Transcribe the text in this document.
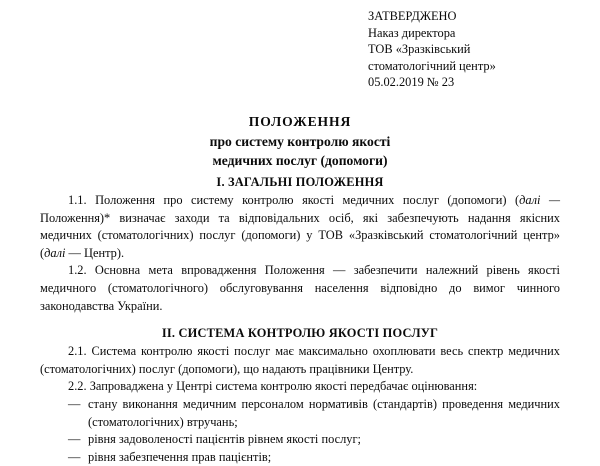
ЗАТВЕРДЖЕНО
Наказ директора
ТОВ «Зразківський
стоматологічний центр»
05.02.2019 № 23
ПОЛОЖЕННЯ
про систему контролю якості
медичних послуг (допомоги)
I. ЗАГАЛЬНІ ПОЛОЖЕННЯ

1.1. Положення про систему контролю якості медичних послуг (допомоги) (далі — Положення)* визначає заходи та відповідальних осіб, які забезпечують надання якісних медичних (стоматологічних) послуг (допомоги) у ТОВ «Зразківський стоматологічний центр» (далі — Центр).

1.2. Основна мета впровадження Положення — забезпечити належний рівень якості медичного (стоматологічного) обслуговування населення відповідно до вимог чинного законодавства України.

II. СИСТЕМА КОНТРОЛЮ ЯКОСТІ ПОСЛУГ

2.1. Система контролю якості послуг має максимально охоплювати весь спектр медичних (стоматологічних) послуг (допомоги), що надають працівники Центру.

2.2. Запроваджена у Центрі система контролю якості передбачає оцінювання:

— стану виконання медичним персоналом нормативів (стандартів) проведення медичних (стоматологічних) втручань;
— рівня задоволеності пацієнтів рівнем якості послуг;
— рівня забезпечення прав пацієнтів;
